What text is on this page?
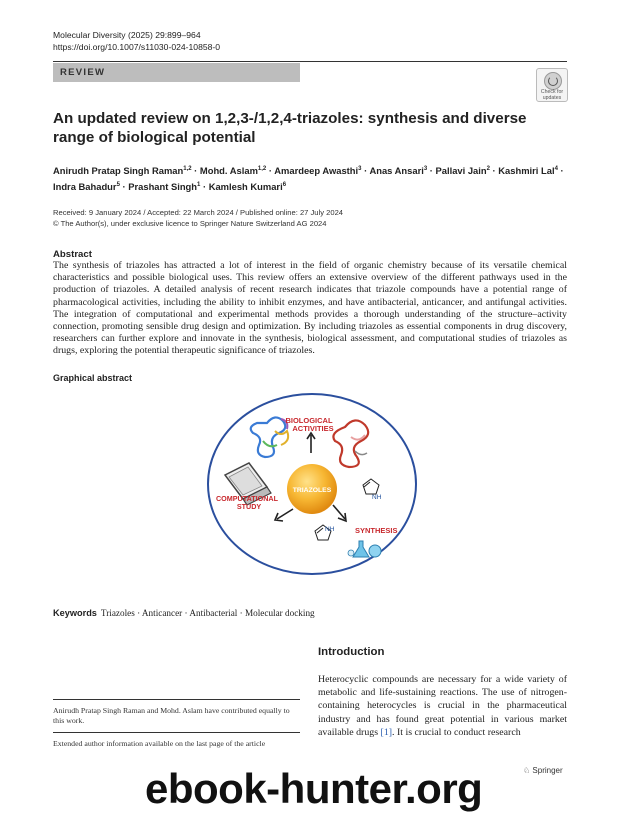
Molecular Diversity (2025) 29:899–964
https://doi.org/10.1007/s11030-024-10858-0
REVIEW
Check for
updates
An updated review on 1,2,3-/1,2,4-triazoles: synthesis and diverse range of biological potential
Anirudh Pratap Singh Raman$^{1,2}$ · Mohd. Aslam$^{1,2}$ · Amardeep Awasthi$^3$ · Anas Ansari$^3$ · Pallavi Jain$^2$ · Kashmiri Lal$^4$ · Indra Bahadur$^5$ · Prashant Singh$^1$ · Kamlesh Kumari$^6$
Received: 9 January 2024 / Accepted: 22 March 2024 / Published online: 27 July 2024
© The Author(s), under exclusive licence to Springer Nature Switzerland AG 2024
Abstract
The synthesis of triazoles has attracted a lot of interest in the field of organic chemistry because of its versatile chemical characteristics and possible biological uses. This review offers an extensive overview of the different pathways used in the production of triazoles. A detailed analysis of recent research indicates that triazole compounds have a potential range of pharmacological activities, including the ability to inhibit enzymes, and have antibacterial, anticancer, and antifungal activities. The integration of computational and experimental methods provides a thorough understanding of the structure–activity connection, promoting sensible drug design and optimization. By including triazoles as essential components in drug discovery, researchers can further explore and innovate in the synthesis, biological assessment, and computational studies of triazoles as drugs, exploring the potential therapeutic significance of triazoles.
Graphical abstract
BIOLOGICAL
ACTIVITIES
TRIAZOLES
COMPUTATIONAL
STUDY
NH
NH	SYNTHESIS
Keywords Triazoles · Anticancer · Antibacterial · Molecular docking
Introduction
Heterocyclic compounds are necessary for a wide variety of metabolic and life-sustaining reactions. The use of nitrogen-containing heterocycles is crucial in the pharmaceutical industry and has found great potential in various market available drugs [1]. It is crucial to conduct research
Anirudh Pratap Singh Raman and Mohd. Aslam have contributed equally to this work.
Extended author information available on the last page of the article
♘ Springer
ebook-hunter.org
